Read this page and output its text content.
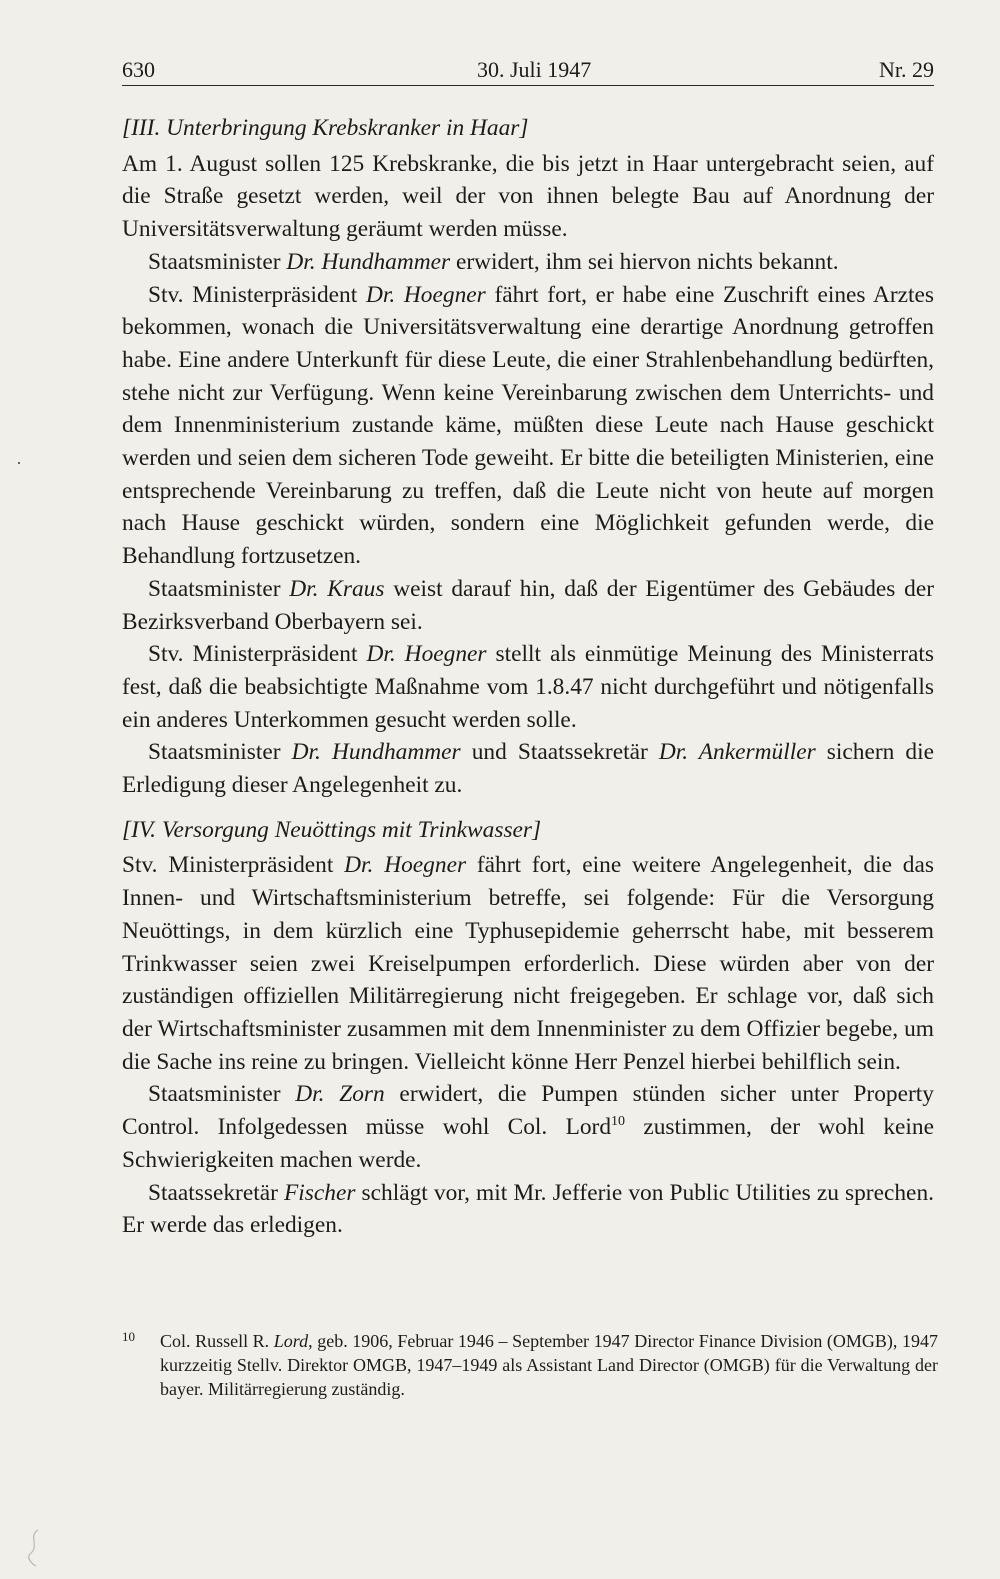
630	30. Juli 1947	Nr. 29

[III. Unterbringung Krebskranker in Haar]

Am 1. August sollen 125 Krebskranke, die bis jetzt in Haar untergebracht seien, auf die Straße gesetzt werden, weil der von ihnen belegte Bau auf Anordnung der Universitätsverwaltung geräumt werden müsse.

Staatsminister Dr. Hundhammer erwidert, ihm sei hiervon nichts bekannt.

Stv. Ministerpräsident Dr. Hoegner fährt fort, er habe eine Zuschrift eines Arztes bekommen, wonach die Universitätsverwaltung eine derartige Anordnung getroffen habe. Eine andere Unterkunft für diese Leute, die einer Strahlenbehandlung bedürften, stehe nicht zur Verfügung. Wenn keine Vereinbarung zwischen dem Unterrichts- und dem Innenministerium zustande käme, müßten diese Leute nach Hause geschickt werden und seien dem sicheren Tode geweiht. Er bitte die beteiligten Ministerien, eine entsprechende Vereinbarung zu treffen, daß die Leute nicht von heute auf morgen nach Hause geschickt würden, sondern eine Möglichkeit gefunden werde, die Behandlung fortzusetzen.

Staatsminister Dr. Kraus weist darauf hin, daß der Eigentümer des Gebäudes der Bezirksverband Oberbayern sei.

Stv. Ministerpräsident Dr. Hoegner stellt als einmütige Meinung des Ministerrats fest, daß die beabsichtigte Maßnahme vom 1.8.47 nicht durchgeführt und nötigenfalls ein anderes Unterkommen gesucht werden solle.

Staatsminister Dr. Hundhammer und Staatssekretär Dr. Ankermüller sichern die Erledigung dieser Angelegenheit zu.

[IV. Versorgung Neuöttings mit Trinkwasser]

Stv. Ministerpräsident Dr. Hoegner fährt fort, eine weitere Angelegenheit, die das Innen- und Wirtschaftsministerium betreffe, sei folgende: Für die Versorgung Neuöttings, in dem kürzlich eine Typhusepidemie geherrscht habe, mit besserem Trinkwasser seien zwei Kreiselpumpen erforderlich. Diese würden aber von der zuständigen offiziellen Militärregierung nicht freigegeben. Er schlage vor, daß sich der Wirtschaftsminister zusammen mit dem Innenminister zu dem Offizier begebe, um die Sache ins reine zu bringen. Vielleicht könne Herr Penzel hierbei behilflich sein.

Staatsminister Dr. Zorn erwidert, die Pumpen stünden sicher unter Property Control. Infolgedessen müsse wohl Col. Lord$^{10}$ zustimmen, der wohl keine Schwierigkeiten machen werde.

Staatssekretär Fischer schlägt vor, mit Mr. Jefferie von Public Utilities zu sprechen. Er werde das erledigen.

10 Col. Russell R. Lord, geb. 1906, Februar 1946 – September 1947 Director Finance Division (OMGB), 1947 kurzzeitig Stellv. Direktor OMGB, 1947–1949 als Assistant Land Director (OMGB) für die Verwaltung der bayer. Militärregierung zuständig.
